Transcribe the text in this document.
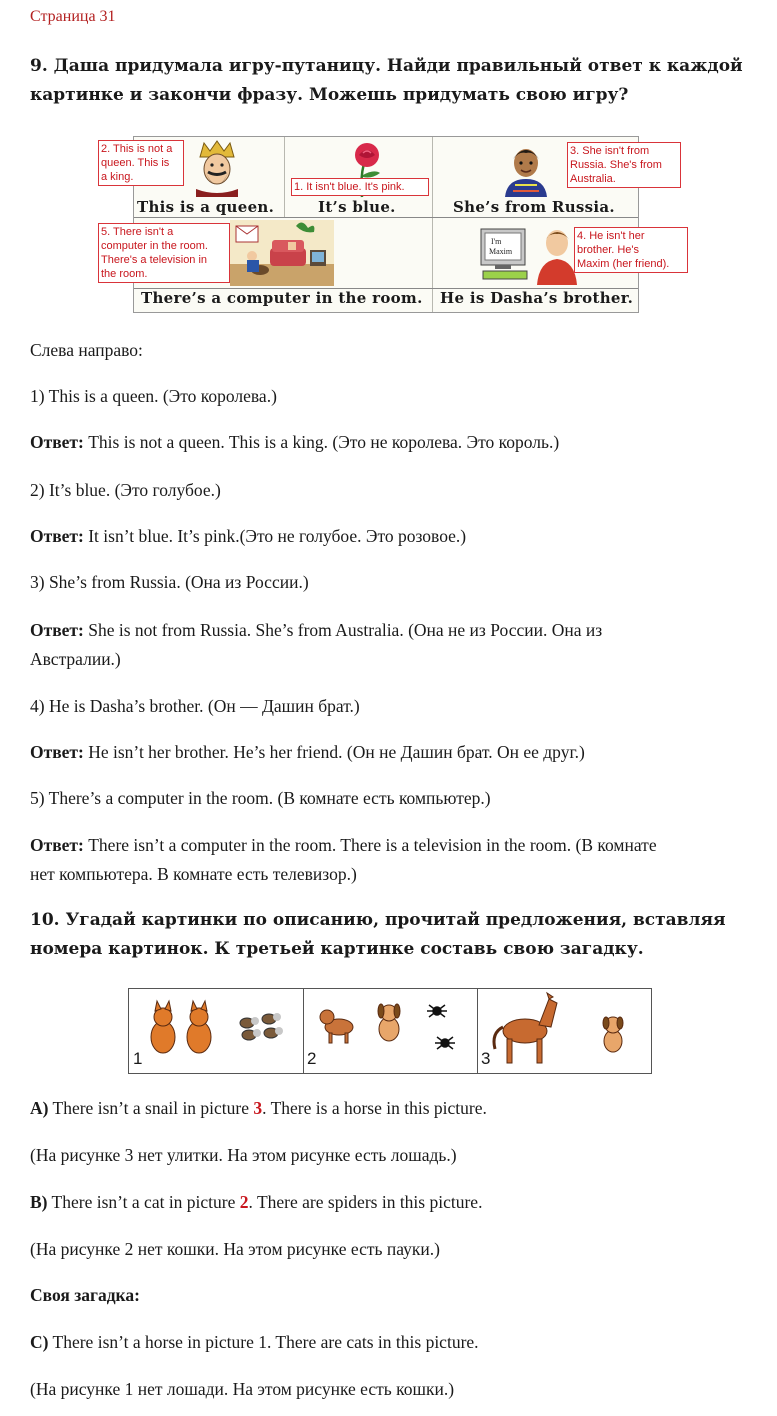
Страница 31
9. Даша придумала игру-путаницу. Найди правильный ответ к каждой
картинке и закончи фразу. Можешь придумать свою игру?
I'm
Maxim
This is a queen.	It’s blue.	She’s from Russia.
There’s a computer in the room. He is Dasha’s brother.
2. This is not a
queen. This is
a king.
1. It isn't blue. It's pink.
3. She isn't from
Russia. She's from
Australia.
5. There isn't a
computer in the room.
There's a television in
the room.
4. He isn't her
brother. He's
Maxim (her friend).
Слева направо:
1) This is a queen. (Это королева.)
Ответ: This is not a queen. This is a king. (Это не королева. Это король.)
2) It’s blue. (Это голубое.)
Ответ: It isn’t blue. It’s pink.(Это не голубое. Это розовое.)
3) She’s from Russia. (Она из России.)
Ответ: She is not from Russia. She’s from Australia. (Она не из России. Она из
Австралии.)
4) He is Dasha’s brother. (Он — Дашин брат.)
Ответ: He isn’t her brother. He’s her friend. (Он не Дашин брат. Он ее друг.)
5) There’s a computer in the room. (В комнате есть компьютер.)
Ответ: There isn’t a computer in the room. There is a television in the room. (В комнате
нет компьютера. В комнате есть телевизор.)
10. Угадай картинки по описанию, прочитай предложения, вставляя
номера картинок. К третьей картинке составь свою загадку.
1	2	3
A) There isn’t a snail in picture 3. There is a horse in this picture.
(На рисунке 3 нет улитки. На этом рисунке есть лошадь.)
B) There isn’t a cat in picture 2. There are spiders in this picture.
(На рисунке 2 нет кошки. На этом рисунке есть пауки.)
Своя загадка:
C) There isn’t a horse in picture 1. There are cats in this picture.
(На рисунке 1 нет лошади. На этом рисунке есть кошки.)
